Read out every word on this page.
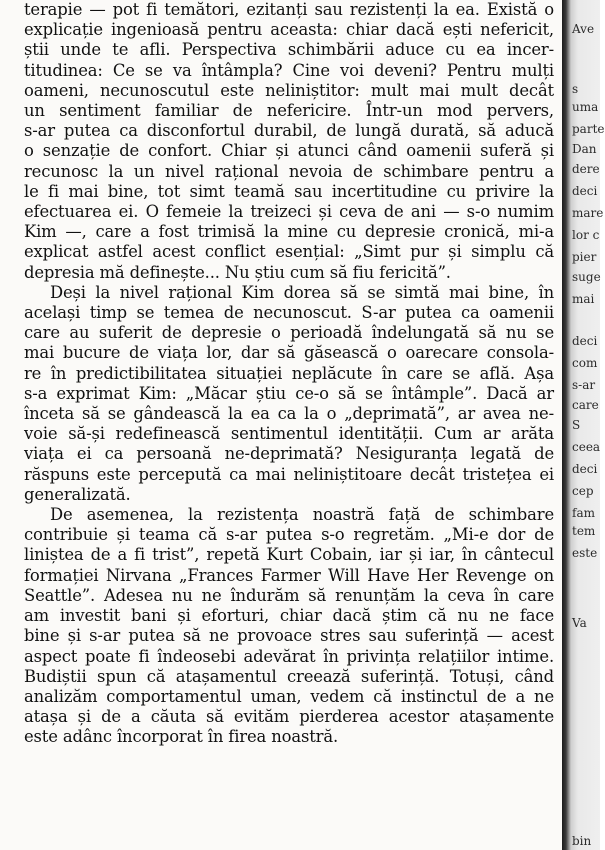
terapie — pot fi temători, ezitanți sau rezistenți la ea. Există o
explicație ingenioasă pentru aceasta: chiar dacă ești nefericit,
știi unde te afli. Perspectiva schimbării aduce cu ea incer-
titudinea: Ce se va întâmpla? Cine voi deveni? Pentru mulți
oameni, necunoscutul este neliniștitor: mult mai mult decât
un sentiment familiar de nefericire. Într-un mod pervers,
s-ar putea ca disconfortul durabil, de lungă durată, să aducă
o senzație de confort. Chiar și atunci când oamenii suferă și
recunosc la un nivel rațional nevoia de schimbare pentru a
le fi mai bine, tot simt teamă sau incertitudine cu privire la
efectuarea ei. O femeie la treizeci și ceva de ani — s-o numim
Kim —, care a fost trimisă la mine cu depresie cronică, mi-a
explicat astfel acest conflict esențial: „Simt pur și simplu că
depresia mă definește... Nu știu cum să fiu fericită”.

Deși la nivel rațional Kim dorea să se simtă mai bine, în
același timp se temea de necunoscut. S-ar putea ca oamenii
care au suferit de depresie o perioadă îndelungată să nu se
mai bucure de viața lor, dar să găsească o oarecare consola-
re în predictibilitatea situației neplăcute în care se află. Așa
s-a exprimat Kim: „Măcar știu ce-o să se întâmple”. Dacă ar
înceta să se gândească la ea ca la o „deprimată”, ar avea ne-
voie să-și redefinească sentimentul identității. Cum ar arăta
viața ei ca persoană ne-deprimată? Nesiguranța legată de
răspuns este percepută ca mai neliniștitoare decât tristețea ei
generalizată.

De asemenea, la rezistența noastră față de schimbare
contribuie și teama că s-ar putea s-o regretăm. „Mi-e dor de
liniștea de a fi trist”, repetă Kurt Cobain, iar și iar, în cântecul
formației Nirvana „Frances Farmer Will Have Her Revenge on
Seattle”. Adesea nu ne îndurăm să renunțăm la ceva în care
am investit bani și eforturi, chiar dacă știm că nu ne face
bine și s-ar putea să ne provoace stres sau suferință — acest
aspect poate fi îndeosebi adevărat în privința relațiilor intime.
Budiștii spun că atașamentul creează suferință. Totuși, când
analizăm comportamentul uman, vedem că instinctul de a ne
atașa și de a căuta să evităm pierderea acestor atașamente
este adânc încorporat în firea noastră.

Ave
s
uma
parte
Dan
dere
deci
mare
lor c
pier
suge
mai
deci
com
s-ar
care
S
ceea
deci
cep
fam
tem
este
Va
bin
